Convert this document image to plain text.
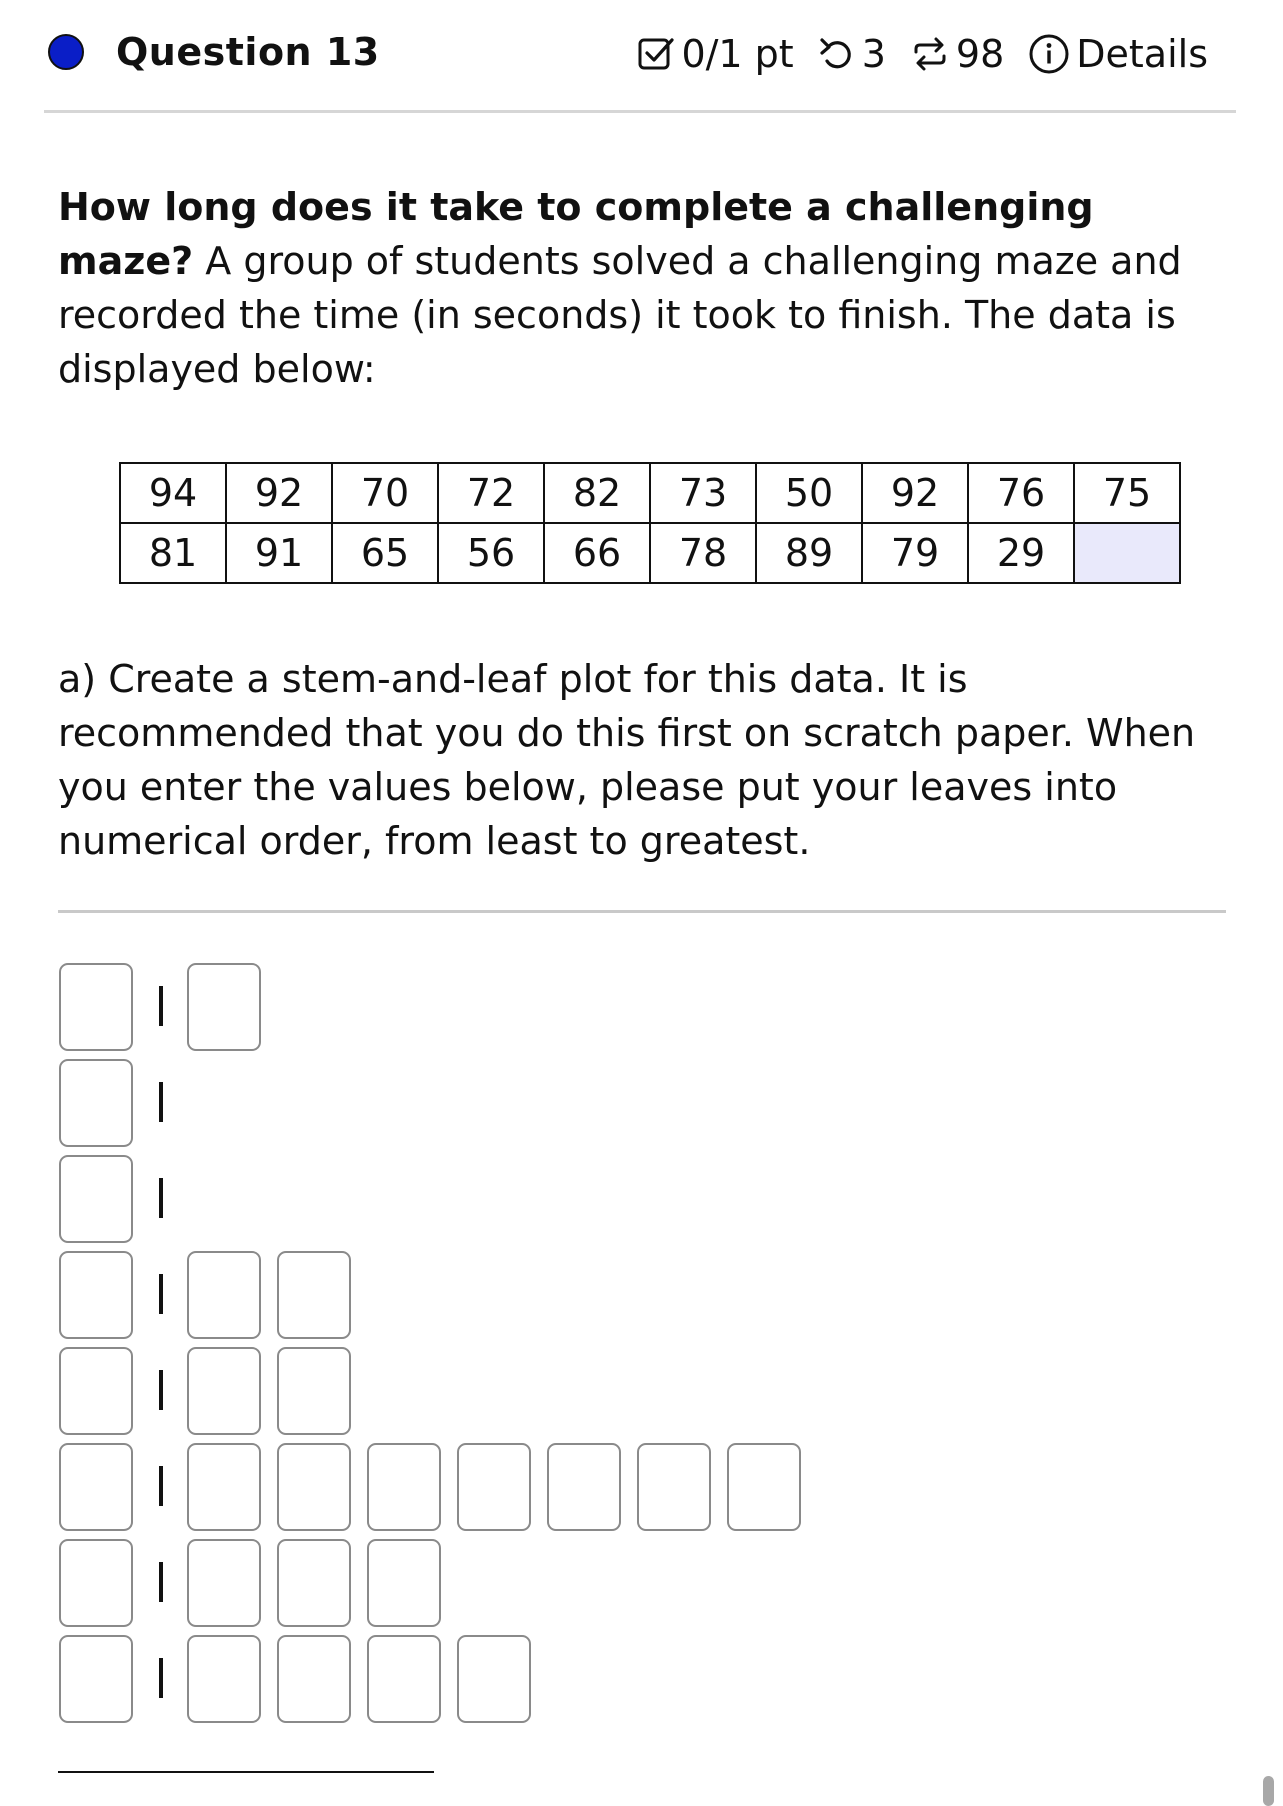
Question 13	0/1 pt 3 98 Details
How long does it take to complete a challenging maze? A group of students solved a challenging maze and recorded the time (in seconds) it took to finish. The data is displayed below:
94	92	70	72	82	73	50	92	76	75
81	91	65	56	66	78	89	79	29	
a) Create a stem-and-leaf plot for this data. It is recommended that you do this first on scratch paper. When you enter the values below, please put your leaves into numerical order, from least to greatest.
